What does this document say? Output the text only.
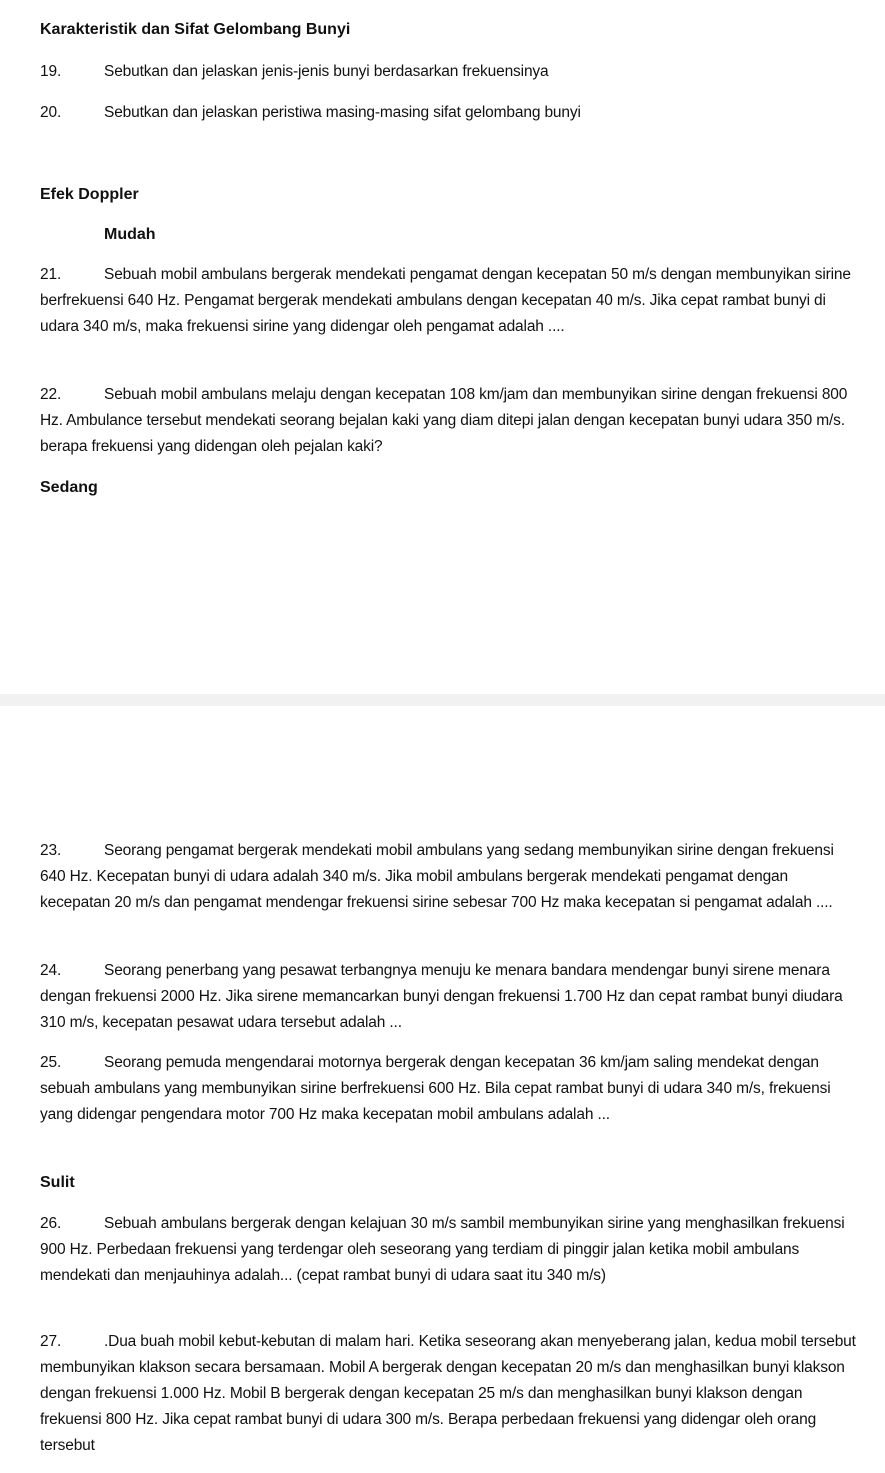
Karakteristik dan Sifat Gelombang Bunyi
19.	Sebutkan dan jelaskan jenis-jenis bunyi berdasarkan frekuensinya
20.	Sebutkan dan jelaskan peristiwa masing-masing sifat gelombang bunyi
Efek Doppler
Mudah
21.	Sebuah mobil ambulans bergerak mendekati pengamat dengan kecepatan 50 m/s dengan membunyikan sirine berfrekuensi 640 Hz. Pengamat bergerak mendekati ambulans dengan kecepatan 40 m/s. Jika cepat rambat bunyi di udara 340 m/s, maka frekuensi sirine yang didengar oleh pengamat adalah ....
22.	Sebuah mobil ambulans melaju dengan kecepatan 108 km/jam dan membunyikan sirine dengan frekuensi 800 Hz. Ambulance tersebut mendekati seorang bejalan kaki yang diam ditepi jalan dengan kecepatan bunyi udara 350 m/s. berapa frekuensi yang didengan oleh pejalan kaki?
Sedang
23.	Seorang pengamat bergerak mendekati mobil ambulans yang sedang membunyikan sirine dengan frekuensi 640 Hz. Kecepatan bunyi di udara adalah 340 m/s. Jika mobil ambulans bergerak mendekati pengamat dengan kecepatan 20 m/s dan pengamat mendengar frekuensi sirine sebesar 700 Hz maka kecepatan si pengamat adalah ....
24.	Seorang penerbang yang pesawat terbangnya menuju ke menara bandara mendengar bunyi sirene menara dengan frekuensi 2000 Hz. Jika sirene memancarkan bunyi dengan frekuensi 1.700 Hz dan cepat rambat bunyi diudara 310 m/s, kecepatan pesawat udara tersebut adalah ...
25.	Seorang pemuda mengendarai motornya bergerak dengan kecepatan 36 km/jam saling mendekat dengan sebuah ambulans yang membunyikan sirine berfrekuensi 600 Hz. Bila cepat rambat bunyi di udara 340 m/s, frekuensi yang didengar pengendara motor 700 Hz maka kecepatan mobil ambulans adalah ...
Sulit
26.	Sebuah ambulans bergerak dengan kelajuan 30 m/s sambil membunyikan sirine yang menghasilkan frekuensi 900 Hz. Perbedaan frekuensi yang terdengar oleh seseorang yang terdiam di pinggir jalan ketika mobil ambulans mendekati dan menjauhinya adalah... (cepat rambat bunyi di udara saat itu 340 m/s)
27.	.Dua buah mobil kebut-kebutan di malam hari. Ketika seseorang akan menyeberang jalan, kedua mobil tersebut membunyikan klakson secara bersamaan. Mobil A bergerak dengan kecepatan 20 m/s dan menghasilkan bunyi klakson dengan frekuensi 1.000 Hz. Mobil B bergerak dengan kecepatan 25 m/s dan menghasilkan bunyi klakson dengan frekuensi 800 Hz. Jika cepat rambat bunyi di udara 300 m/s. Berapa perbedaan frekuensi yang didengar oleh orang tersebut
